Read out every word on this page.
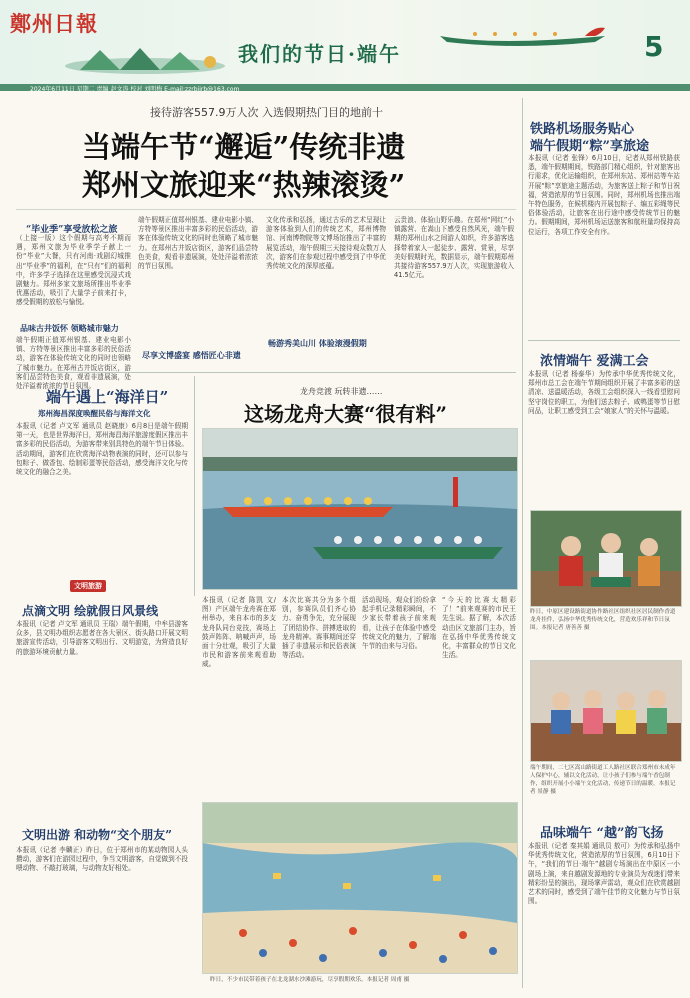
鄭州日報
我们的节日·端午	5
2024年6月11日 星期二 责编 赵文涛 校对 刘明梅 E-mail:zzrbjjrb@163.com
接待游客557.9万人次 入选假期热门目的地前十
当端午节“邂逅”传统非遗
郑州文旅迎来“热辣滚烫”
“毕业季”享受放松之旅
（上接一版）这个假期与高考不期而遇，郑州文旅为毕业季学子献上一份“毕业”大餐，只有河南·戏剧幻城推出“毕业季”的福利，在“只有”们的福利中，许多学子选择在这里感受沉浸式戏剧魅力。郑州多家文旅场所推出毕业季优惠活动，吸引了大量学子前来打卡，感受假期的放松与愉悦。
品味古井饭怀 领略城市魅力
端午假期正值郑州银基、建业电影小镇、方特等景区推出丰富多彩的民俗活动，游客在体验传统文化的同时也领略了城市魅力。在郑州古井饭店街区，游客们品尝特色美食，观看非遗展演，处处洋溢着浓浓的节日氛围。
端午假期正值郑州银基、建业电影小镇、方特等景区推出丰富多彩的民俗活动，游客在体验传统文化的同时也领略了城市魅力。在郑州古井饭店街区，游客们品尝特色美食，观看非遗展演，处处洋溢着浓浓的节日氛围。
尽享文博盛宴 感悟匠心非遗
文化传承和弘扬，通过古乐的艺术呈现让游客体验到人们的传统艺术，郑州博物馆、河南博物院等文博场馆推出了丰富的展览活动，端午假期三天接待观众数万人次，游客们在参观过程中感受到了中华优秀传统文化的深厚底蕴。
畅游秀美山川 体验滚漫假期
云贵浪、体验山野乐趣。在郑州“网红”小镇露营、在嵩山下感受自然风光，端午假期的郑州山水之间游人如织，许多游客选择带着家人一起徒步、露营、赏景，尽享美好假期时光，数据显示，端午假期郑州共接待游客557.9万人次，实现旅游收入41.5亿元。
铁路机场服务贴心
端午假期“粽”享旅途
本报讯（记者 张锋）6月10日，记者从郑州铁路获悉，端午假期期间，铁路部门精心组织，针对旅客出行需求，优化运输组织，在郑州东站、郑州站等车站开展“粽”享旅途主题活动，为旅客送上粽子和节日祝福，营造浓厚的节日氛围。同时，郑州机场也推出端午特色服务，在候机楼内开展包粽子、编五彩绳等民俗体验活动，让旅客在出行途中感受传统节日的魅力。假期期间，郑州机场运送旅客和航班量均保持高位运行，各项工作安全有序。
浓情端午 爱满工会
本报讯（记者 杨泰华）为传承中华优秀传统文化，郑州市总工会在端午节期间组织开展了丰富多彩的送清凉、送温暖活动，各级工会组织深入一线看望慰问坚守岗位的职工，为他们送去粽子、咸鸭蛋等节日慰问品，让职工感受到工会“娘家人”的关怀与温暖。
昨日，中原区建设路街道协作路社区组织社区居民制作香道龙舟挂件，弘扬中华优秀传统文化，营造欢乐祥和节日氛围。本报记者 唐善善 摄
端午期间，二七区嵩山路街道工人路社区联合郑州市未成年人保护中心，辅以文化活动，让小孩子们参与端午香包制作，组织开展小小端午文化活动，传递节日的温暖。本报记者 景静 摄
品味端午 “越”韵飞扬
本报讯（记者 秦其娟 通讯员 敖可）为传承和弘扬中华优秀传统文化，营造浓厚的节日氛围，6月10日下午，“我们的节日·端午”越剧专场演出在中原区一小剧场上演，来自越剧发源地的专业演员为戏迷们带来精彩纷呈的演出，现场掌声雷动，观众们在欣赏越剧艺术的同时，感受到了端午佳节的文化魅力与节日氛围。
端午遇上“海洋日”
郑州海昌深度唤醒民俗与海洋文化
本报讯（记者 卢文军 通讯员 赵晓康）6月8日是端午假期第一天，也是世界海洋日，郑州海昌海洋旅游度假区推出丰富多彩的民俗活动，为游客带来别具特色的端午节日体验。活动期间，游客们在欣赏海洋动物表演的同时，还可以参与包粽子、做香包、绘制彩蛋等民俗活动，感受海洋文化与传统文化的融合之美。
龙舟竞渡 玩转非遗……
这场龙舟大赛“很有料”
本报讯（记者 陈凯 文/图）产区端午龙舟赛在郑州举办，来自本市的多支龙舟队同台竞技，赛场上鼓声阵阵、呐喊声声，场面十分壮观，吸引了大量市民和游客前来观看助威。
本次比赛共分为多个组别，参赛队员们齐心协力、奋勇争先，充分展现了团结协作、拼搏进取的龙舟精神。赛事期间还穿插了非遗展示和民俗表演等活动。
活动现场，观众们纷纷拿起手机记录精彩瞬间，不少家长带着孩子前来观看，让孩子在体验中感受传统文化的魅力，了解端午节的由来与习俗。
“今天的比赛太精彩了！”前来观赛的市民王先生说。据了解，本次活动由区文旅部门主办，旨在弘扬中华优秀传统文化，丰富群众的节日文化生活。
文明旅游
点滴文明 绘就假日风景线
本报讯（记者 卢文军 通讯员 王瑞）端午假期，中牟县游客众多，县文明办组织志愿者在各大景区、街头路口开展文明旅游宣传活动，引导游客文明出行、文明游览，为营造良好的旅游环境贡献力量。
文明出游 和动物“交个朋友”
本报讯（记者 李麟正）昨日，位于郑州市的某动物园人头攒动，游客们在游园过程中，争当文明游客，自觉做到不投喂动物、不敲打玻璃，与动物友好相处。
昨日，不少市民带着孩子在北龙湖水沙滩游玩，尽享假期欢乐。本报记者 周甫 摄
